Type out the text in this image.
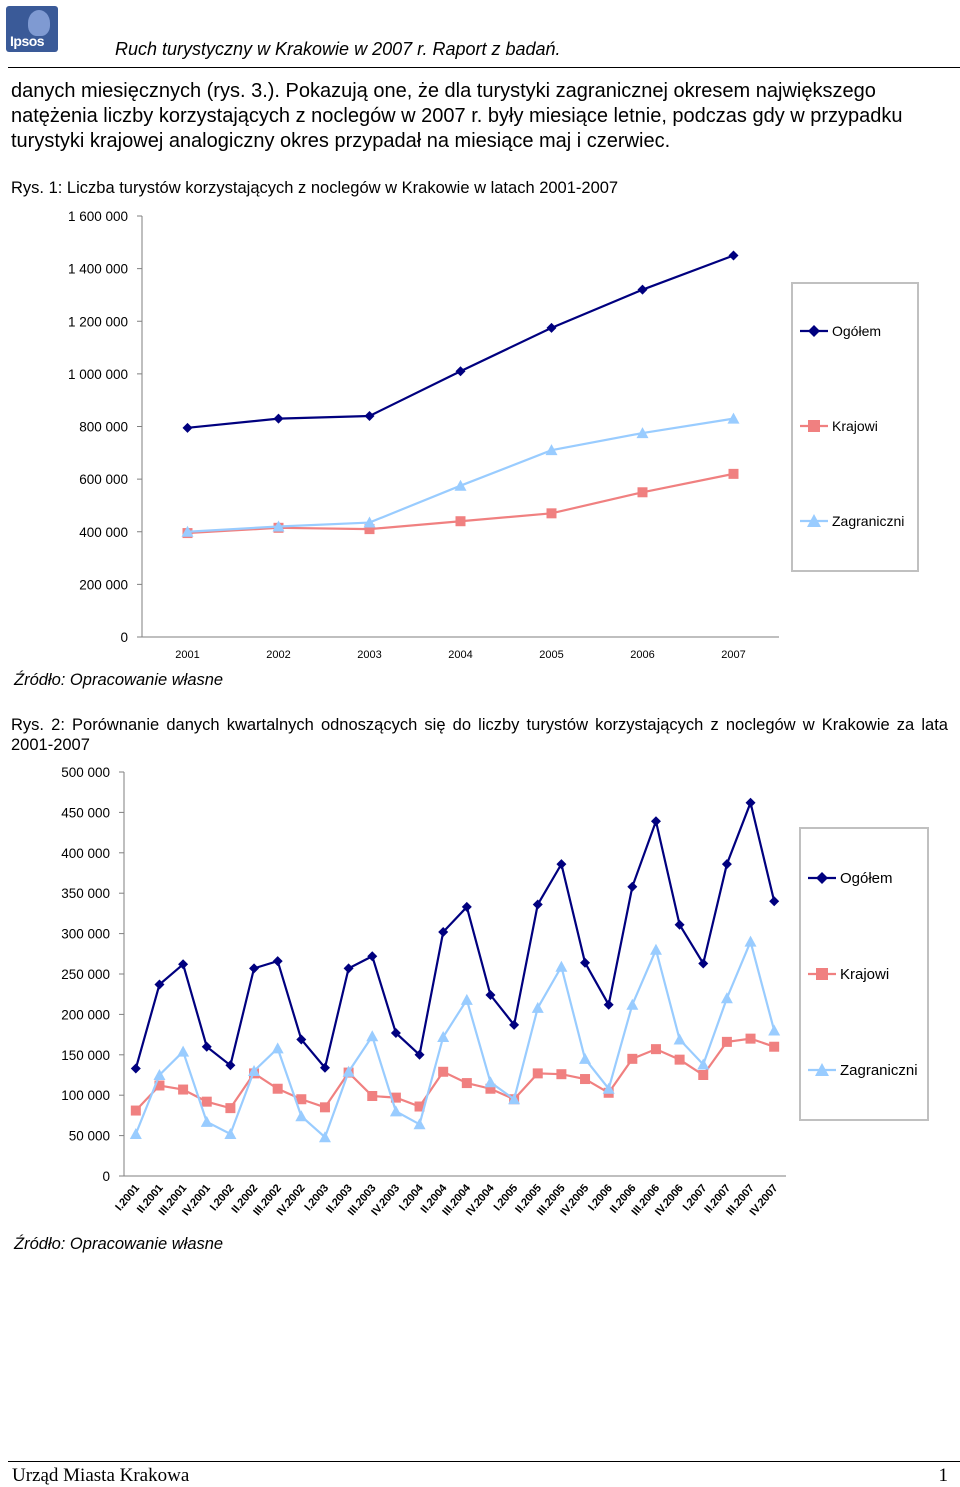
Ipsos	Ruch turystyczny w Krakowie w 2007 r. Raport z badań.
danych miesięcznych (rys. 3.). Pokazują one, że dla turystyki zagranicznej okresem największego
natężenia liczby korzystających z noclegów w 2007 r. były miesiące letnie, podczas gdy w przypadku
turystyki krajowej analogiczny okres przypadał na miesiące maj i czerwiec.
Rys. 1: Liczba turystów korzystających z noclegów w Krakowie w latach 2001-2007
0
200 000
400 000
600 000
800 000
1 000 000
1 200 000
1 400 000
1 600 000
2001	2002	2003	2004	2005	2006	2007
Ogółem
Krajowi
Zagraniczni
Źródło: Opracowanie własne
Rys. 2: Porównanie danych kwartalnych odnoszących się do liczby turystów korzystających z noclegów w Krakowie za lata 2001-2007
0
50 000
100 000
150 000
200 000
250 000
300 000
350 000
400 000
450 000
500 000
I.2001
II.2001
III.2001
IV.2001
I.2002
II.2002
III.2002
IV.2002
I.2003
II.2003
III.2003
IV.2003
I.2004
II.2004
III.2004
IV.2004
I.2005
II.2005
III.2005
IV.2005
I.2006
II.2006
III.2006
IV.2006
I.2007
II.2007
III.2007
IV.2007
Ogółem
Krajowi
Zagraniczni
Źródło: Opracowanie własne
Urząd Miasta Krakowa	1
